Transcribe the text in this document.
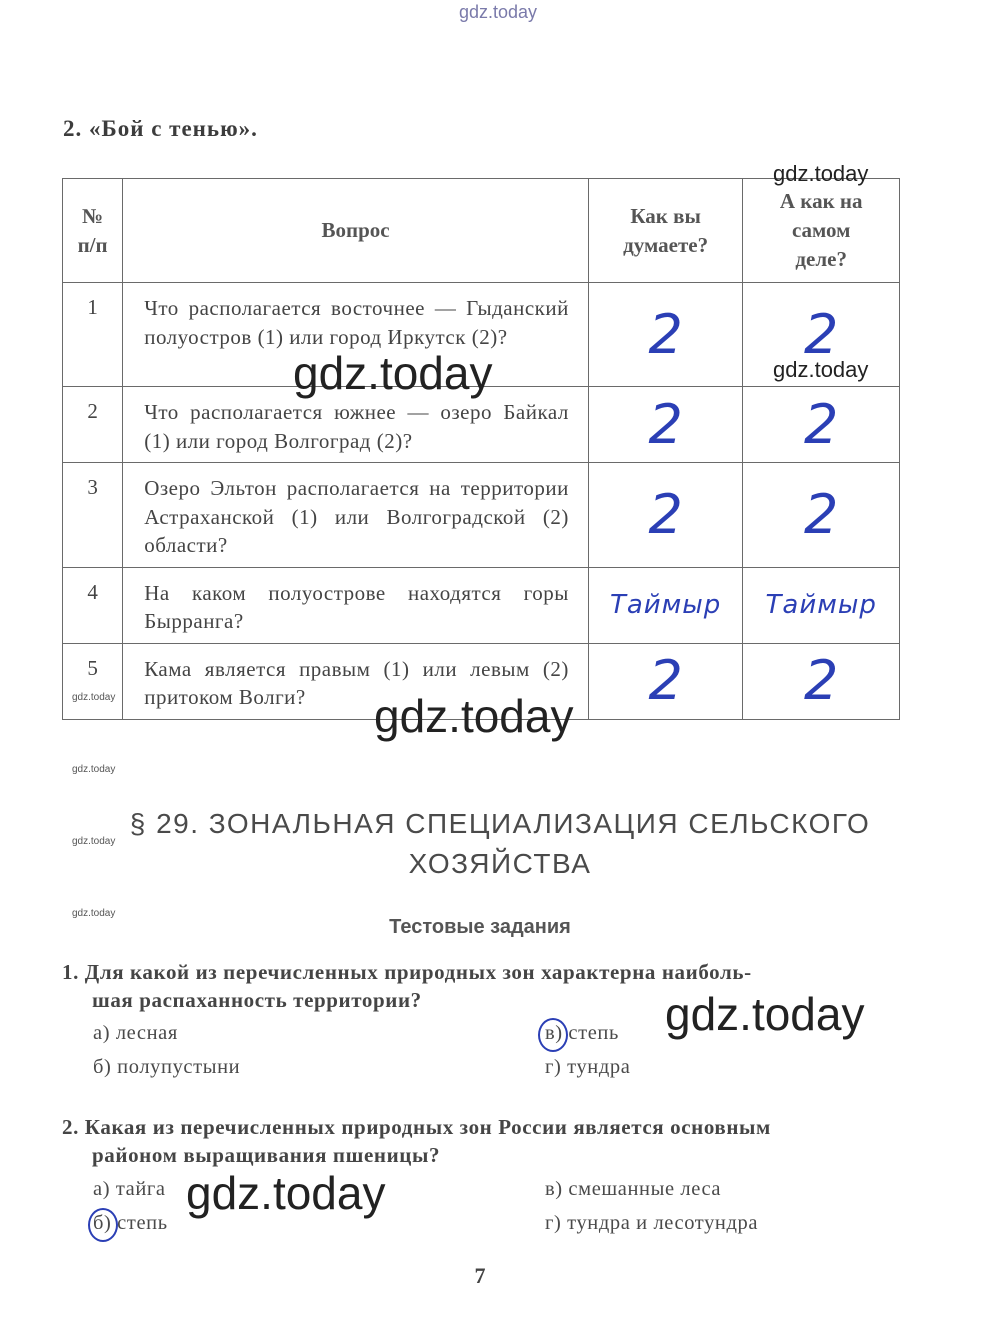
gdz.today
2. «Бой с тенью».
№ п/п	Вопрос	Как вы думаете?	А как на самом деле?
1	Что располагается восточнее — Гыданский полуостров (1) или город Иркутск (2)?	2	2
2	Что располагается южнее — озеро Байкал (1) или город Волгоград (2)?	2	2
3	Озеро Эльтон располагается на территории Астраханской (1) или Волгоградской (2) области?	2	2
4	На каком полуострове находятся горы Бырранга?	Таймыр	Таймыр
5	Кама является правым (1) или левым (2) притоком Волги?	2	2
§ 29. ЗОНАЛЬНАЯ СПЕЦИАЛИЗАЦИЯ СЕЛЬСКОГО
ХОЗЯЙСТВА
Тестовые задания
1. Для какой из перечисленных природных зон характерна наиболь-
шая распаханность территории?
а) лесная
б) полупустыни
в) степь
г) тундра
2. Какая из перечисленных природных зон России является основным
районом выращивания пшеницы?
а) тайга
б) степь
в) смешанные леса
г) тундра и лесотундра
7
gdz.today
gdz.today	gdz.today
gdz.today	gdz.today
gdz.today
gdz.today
gdz.today
gdz.today
gdz.today
